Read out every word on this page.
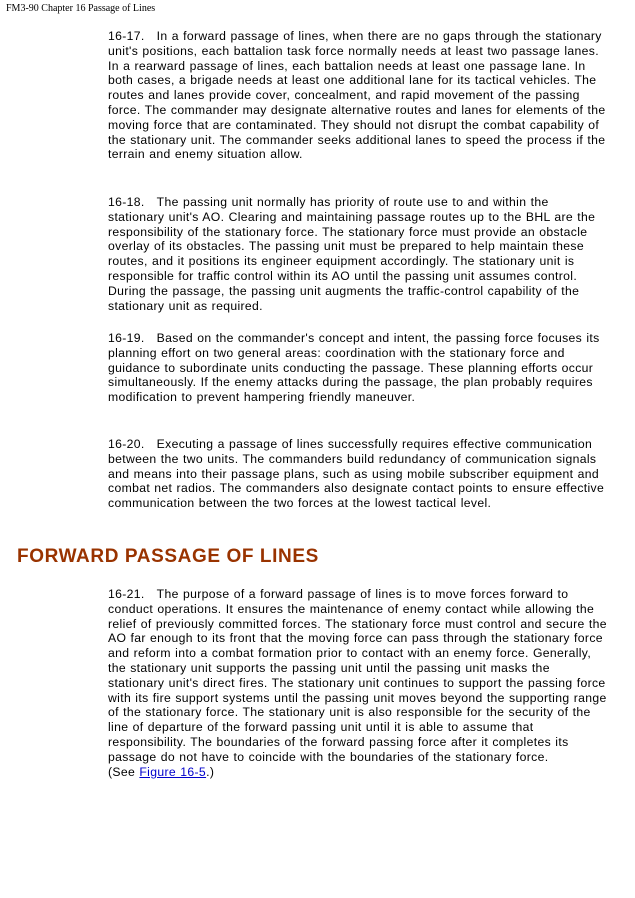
FM3-90 Chapter 16 Passage of Lines

16-17. In a forward passage of lines, when there are no gaps through the stationary unit's positions, each battalion task force normally needs at least two passage lanes. In a rearward passage of lines, each battalion needs at least one passage lane. In both cases, a brigade needs at least one additional lane for its tactical vehicles. The routes and lanes provide cover, concealment, and rapid movement of the passing force. The commander may designate alternative routes and lanes for elements of the moving force that are contaminated. They should not disrupt the combat capability of the stationary unit. The commander seeks additional lanes to speed the process if the terrain and enemy situation allow.

16-18. The passing unit normally has priority of route use to and within the stationary unit's AO. Clearing and maintaining passage routes up to the BHL are the responsibility of the stationary force. The stationary force must provide an obstacle overlay of its obstacles. The passing unit must be prepared to help maintain these routes, and it positions its engineer equipment accordingly. The stationary unit is responsible for traffic control within its AO until the passing unit assumes control. During the passage, the passing unit augments the traffic-control capability of the stationary unit as required.

16-19. Based on the commander's concept and intent, the passing force focuses its planning effort on two general areas: coordination with the stationary force and guidance to subordinate units conducting the passage. These planning efforts occur simultaneously. If the enemy attacks during the passage, the plan probably requires modification to prevent hampering friendly maneuver.

16-20. Executing a passage of lines successfully requires effective communication between the two units. The commanders build redundancy of communication signals and means into their passage plans, such as using mobile subscriber equipment and combat net radios. The commanders also designate contact points to ensure effective communication between the two forces at the lowest tactical level.

FORWARD PASSAGE OF LINES

16-21. The purpose of a forward passage of lines is to move forces forward to conduct operations. It ensures the maintenance of enemy contact while allowing the relief of previously committed forces. The stationary force must control and secure the AO far enough to its front that the moving force can pass through the stationary force and reform into a combat formation prior to contact with an enemy force. Generally, the stationary unit supports the passing unit until the passing unit masks the stationary unit's direct fires. The stationary unit continues to support the passing force with its fire support systems until the passing unit moves beyond the supporting range of the stationary force. The stationary unit is also responsible for the security of the line of departure of the forward passing unit until it is able to assume that responsibility. The boundaries of the forward passing force after it completes its passage do not have to coincide with the boundaries of the stationary force.
(See Figure 16-5.)
